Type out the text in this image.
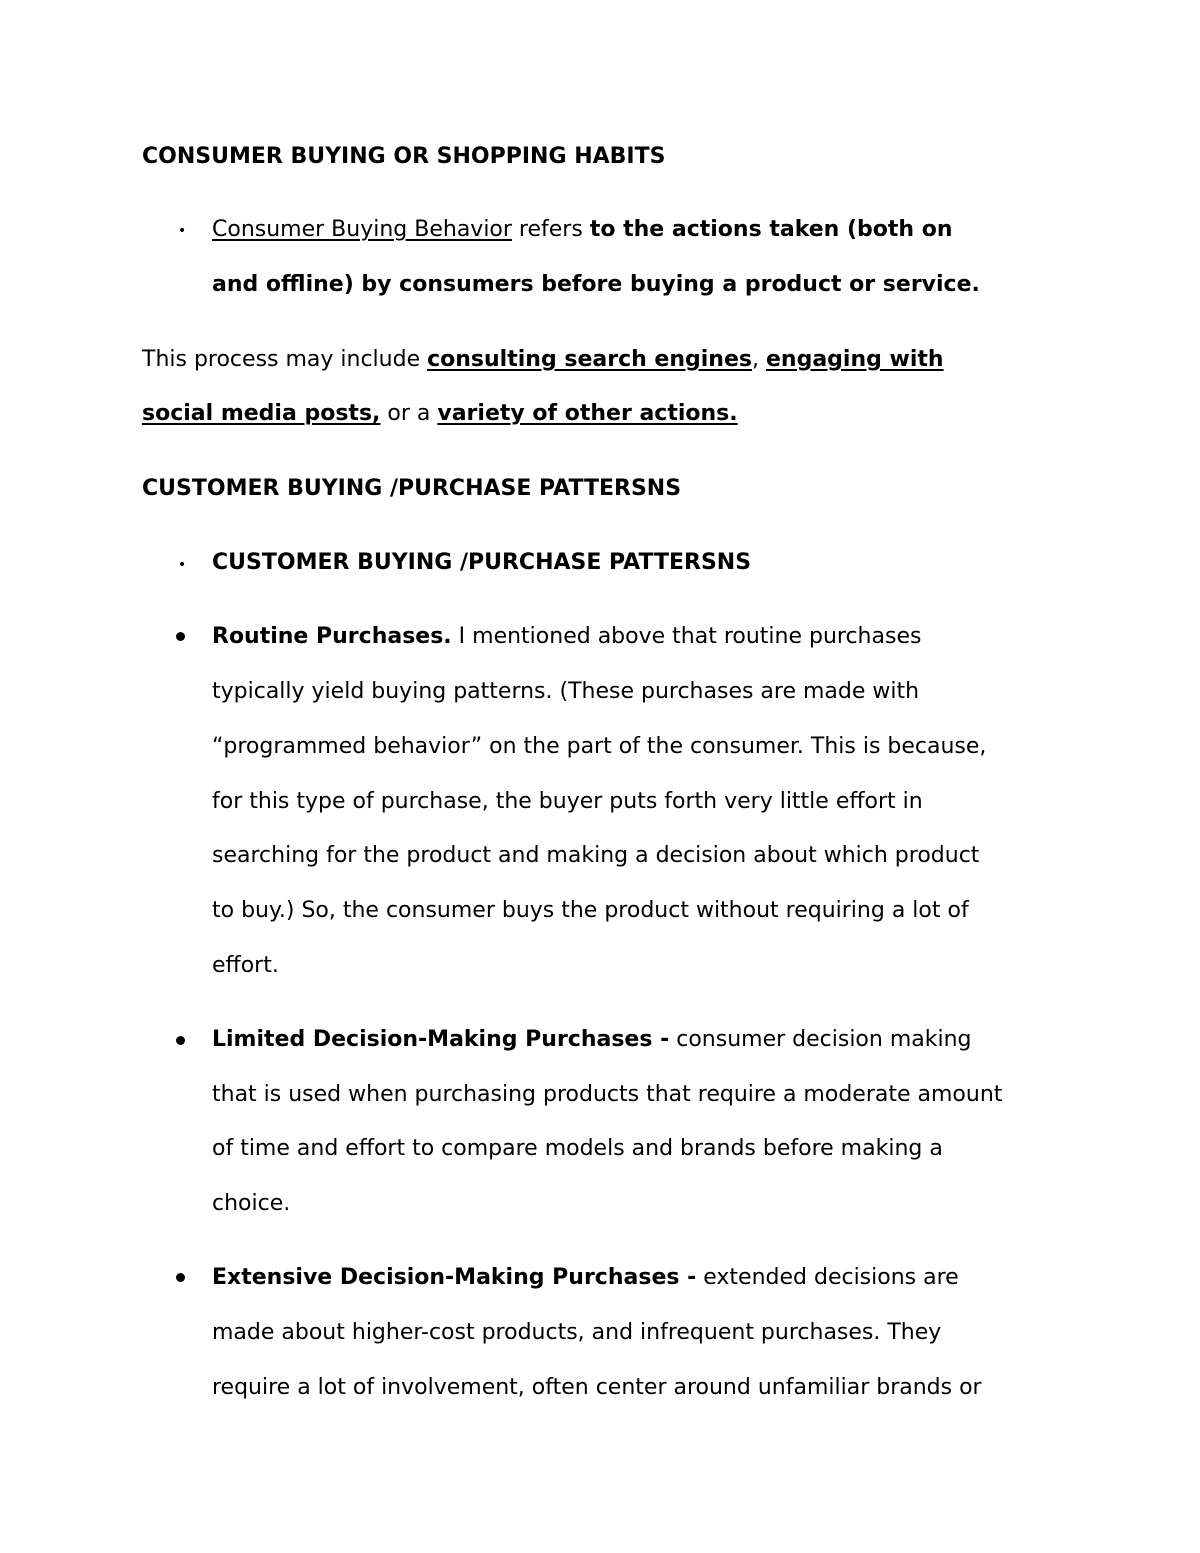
CONSUMER BUYING OR SHOPPING HABITS
• Consumer Buying Behavior refers to the actions taken (both on
and offline) by consumers before buying a product or service.
This process may include consulting search engines, engaging with
social media posts, or a variety of other actions.
CUSTOMER BUYING /PURCHASE PATTERSNS
• CUSTOMER BUYING /PURCHASE PATTERSNS
Routine Purchases. I mentioned above that routine purchases
typically yield buying patterns. (These purchases are made with
“programmed behavior” on the part of the consumer. This is because,
for this type of purchase, the buyer puts forth very little effort in
searching for the product and making a decision about which product
to buy.) So, the consumer buys the product without requiring a lot of
effort.
Limited Decision-Making Purchases - consumer decision making
that is used when purchasing products that require a moderate amount
of time and effort to compare models and brands before making a
choice.
Extensive Decision-Making Purchases - extended decisions are
made about higher-cost products, and infrequent purchases. They
require a lot of involvement, often center around unfamiliar brands or
